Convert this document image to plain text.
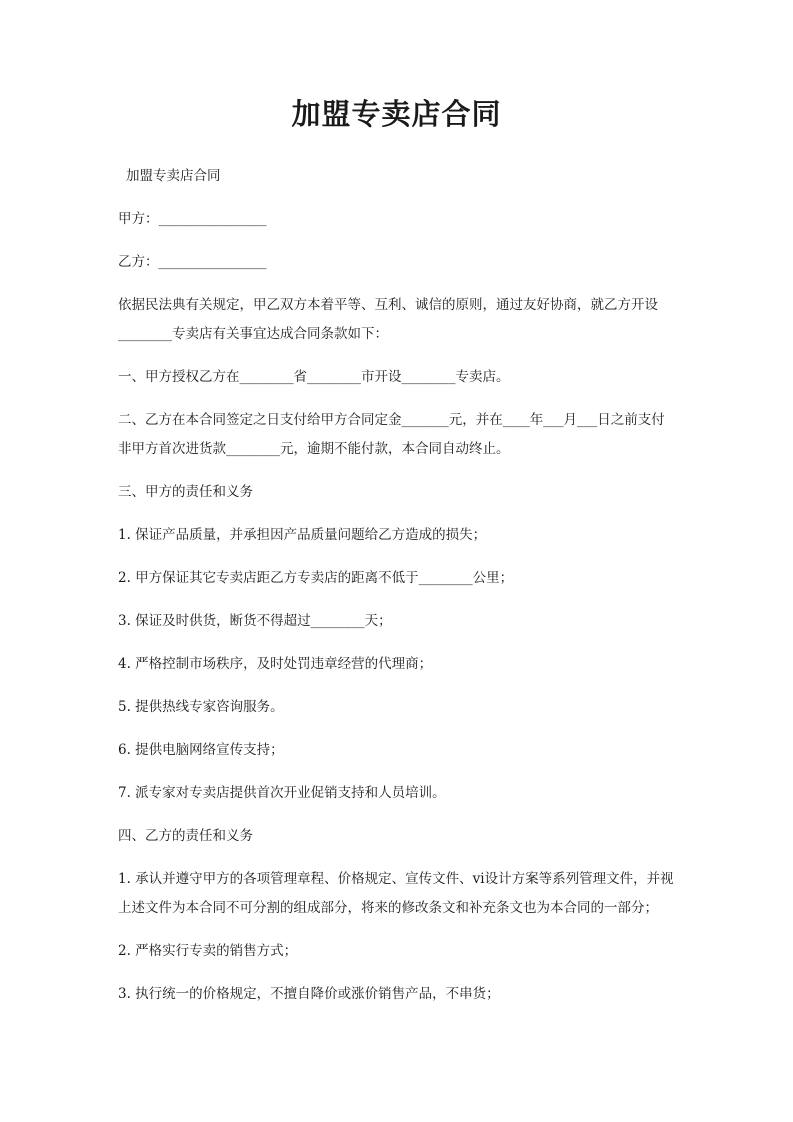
加盟专卖店合同

加盟专卖店合同

甲方：________________

乙方：________________

依据民法典有关规定，甲乙双方本着平等、互利、诚信的原则，通过友好协商，就乙方开设________专卖店有关事宜达成合同条款如下：

一、甲方授权乙方在________省________市开设________专卖店。

二、乙方在本合同签定之日支付给甲方合同定金_______元，并在____年___月___日之前支付非甲方首次进货款________元，逾期不能付款，本合同自动终止。

三、甲方的责任和义务

1. 保证产品质量，并承担因产品质量问题给乙方造成的损失；

2. 甲方保证其它专卖店距乙方专卖店的距离不低于________公里；

3. 保证及时供货，断货不得超过________天；

4. 严格控制市场秩序，及时处罚违章经营的代理商；

5. 提供热线专家咨询服务。

6. 提供电脑网络宣传支持；

7. 派专家对专卖店提供首次开业促销支持和人员培训。

四、乙方的责任和义务

1. 承认并遵守甲方的各项管理章程、价格规定、宣传文件、vi设计方案等系列管理文件，并视上述文件为本合同不可分割的组成部分，将来的修改条文和补充条文也为本合同的一部分；

2. 严格实行专卖的销售方式；

3. 执行统一的价格规定，不擅自降价或涨价销售产品，不串货；
